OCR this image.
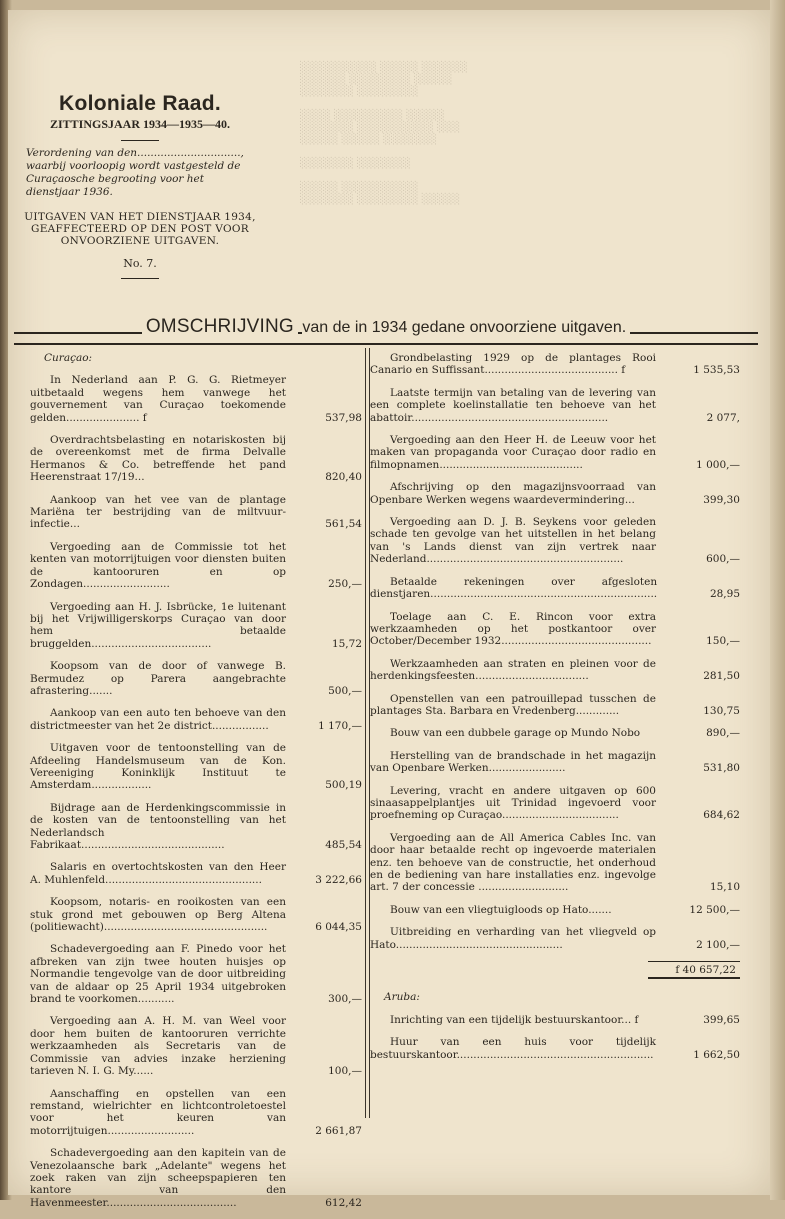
░░░░░░░░░░ ░░░░░ ░░░░░░
░░░░░░ ░░░░░░░░ ░░░░░
░░░░░░░ ░░░░░░░░

░░░░ ░░░░░░░░░ ░░░░░
░░░░░░░ ░░░░░░░░░░ ░░░
░░░░░ ░░░░░ ░░░░░░░

░░░░░░░ ░░░░░░░

░░░░░ ░░░░░░░░░░
░░░░░░░ ░░░░░░░░ ░░░░░
Koloniale Raad.
ZITTINGSJAAR 1934—1935—40.
Verordening van den..............................., waarbij voorloopig wordt vastgesteld de Curaçaosche begrooting voor het dienstjaar 1936.
UITGAVEN VAN HET DIENSTJAAR 1934, GEAFFECTEERD OP DEN POST VOOR ONVOORZIENE UITGAVEN.
No. 7.
OMSCHRIJVING van de in 1934 gedane onvoorziene uitgaven.
Curaçao:
In Nederland aan P. G. G. Rietmeyer uitbetaald wegens hem vanwege het gouvernement van Curaçao toekomende gelden...................... f	537,98
Overdrachtsbelasting en notariskosten bij de overeenkomst met de firma Delvalle Hermanos & Co. betreffende het pand Heerenstraat 17/19...	820,40
Aankoop van het vee van de plantage Mariëna ter bestrijding van de miltvuur-infectie...	561,54
Vergoeding aan de Commissie tot het kenten van motorrijtuigen voor diensten buiten de kantooruren en op Zondagen..........................	250,—
Vergoeding aan H. J. Isbrücke, 1e luitenant bij het Vrijwilligerskorps Curaçao van door hem betaalde bruggelden....................................	15,72
Koopsom van de door of vanwege B. Bermudez op Parera aangebrachte afrastering.......	500,—
Aankoop van een auto ten behoeve van den districtmeester van het 2e district.................	1 170,—
Uitgaven voor de tentoonstelling van de Afdeeling Handelsmuseum van de Kon. Vereeniging Koninklijk Instituut te Amsterdam..................	500,19
Bijdrage aan de Herdenkingscommissie in de kosten van de tentoonstelling van het Nederlandsch Fabrikaat...........................................	485,54
Salaris en overtochtskosten van den Heer A. Muhlenfeld...............................................	3 222,66
Koopsom, notaris- en rooikosten van een stuk grond met gebouwen op Berg Altena (politiewacht).................................................	6 044,35
Schadevergoeding aan F. Pinedo voor het afbreken van zijn twee houten huisjes op Normandie tengevolge van de door uitbreiding van de aldaar op 25 April 1934 uitgebroken brand te voorkomen...........	300,—
Vergoeding aan A. H. M. van Weel voor door hem buiten de kantooruren verrichte werkzaamheden als Secretaris van de Commissie van advies inzake herziening tarieven N. I. G. My......	100,—
Aanschaffing en opstellen van een remstand, wielrichter en lichtcontroletoestel voor het keuren van motorrijtuigen..........................	2 661,87
Schadevergoeding aan den kapitein van de Venezolaansche bark „Adelante" wegens het zoek raken van zijn scheepspapieren ten kantore van den Havenmeester.......................................	612,42
Grondbelasting 1929 op de plantages Rooi Canario en Suffissant........................................ f	1 535,53
Laatste termijn van betaling van de levering van een complete koelinstallatie ten behoeve van het abattoir...........................................................	2 077,
Vergoeding aan den Heer H. de Leeuw voor het maken van propaganda voor Curaçao door radio en filmopnamen...........................................	1 000,—
Afschrijving op den magazijnsvoorraad van Openbare Werken wegens waardevermindering...	399,30
Vergoeding aan D. J. B. Seykens voor geleden schade ten gevolge van het uitstellen in het belang van 's Lands dienst van zijn vertrek naar Nederland...........................................................	600,—
Betaalde rekeningen over afgesloten dienstjaren....................................................................	28,95
Toelage aan C. E. Rincon voor extra werkzaamheden op het postkantoor over October/December 1932.............................................	150,—
Werkzaamheden aan straten en pleinen voor de herdenkingsfeesten..................................	281,50
Openstellen van een patrouillepad tusschen de plantages Sta. Barbara en Vredenberg.............	130,75
Bouw van een dubbele garage op Mundo Nobo	890,—
Herstelling van de brandschade in het magazijn van Openbare Werken.......................	531,80
Levering, vracht en andere uitgaven op 600 sinaasappelplantjes uit Trinidad ingevoerd voor proefneming op Curaçao...................................	684,62
Vergoeding aan de All America Cables Inc. van door haar betaalde recht op ingevoerde materialen enz. ten behoeve van de constructie, het onderhoud en de bediening van hare installaties enz. ingevolge art. 7 der concessie ...........................	15,10
Bouw van een vliegtuigloods op Hato.......	12 500,—
Uitbreiding en verharding van het vliegveld op Hato..................................................	2 100,—
f 40 657,22
Aruba:
Inrichting van een tijdelijk bestuurskantoor... f	399,65
Huur van een huis voor tijdelijk bestuurskantoor...........................................................	1 662,50
